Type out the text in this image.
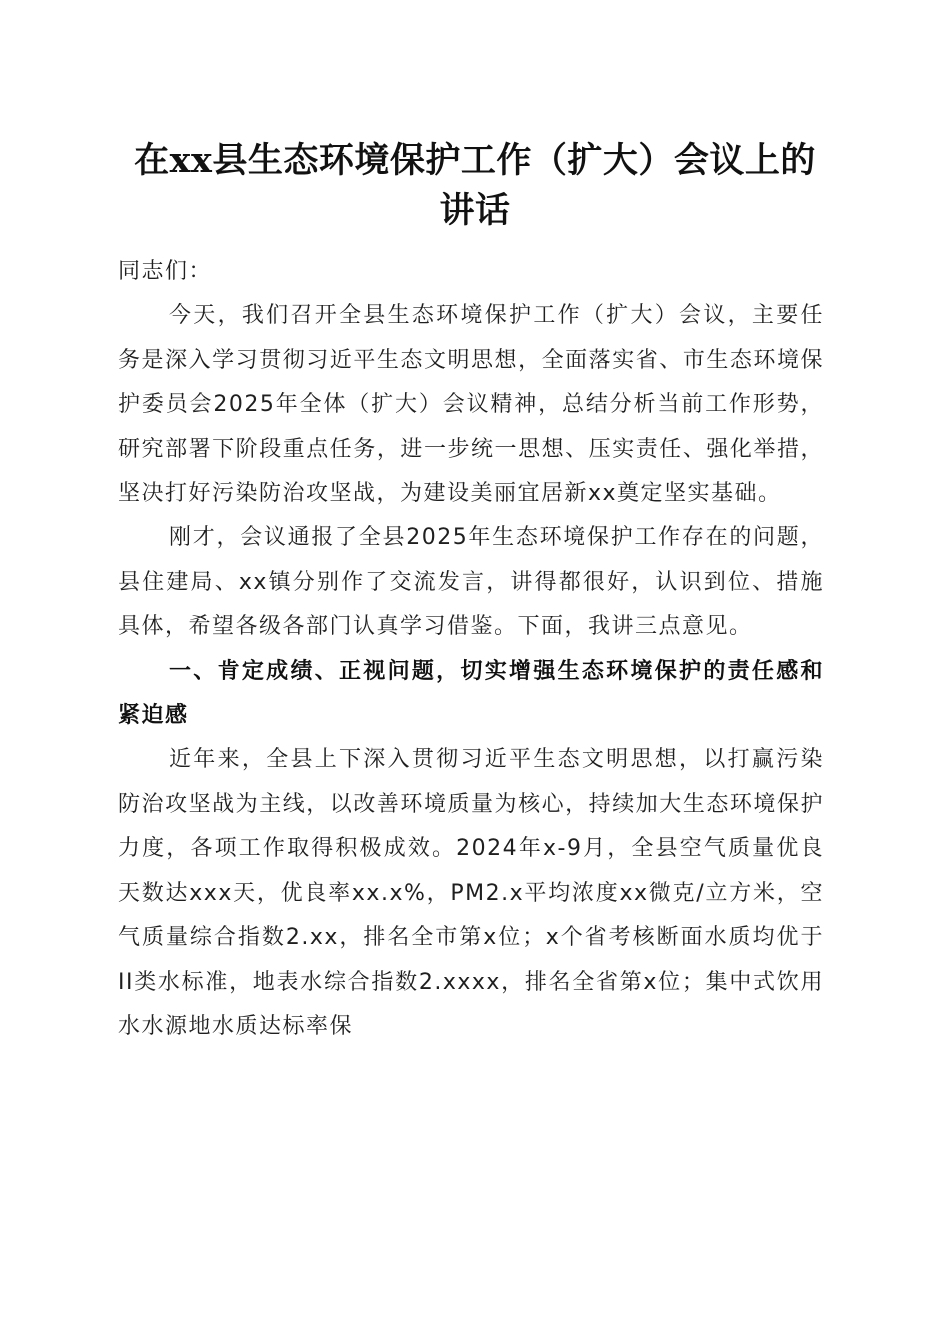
在xx县生态环境保护工作（扩大）会议上的
讲话

同志们：

今天，我们召开全县生态环境保护工作（扩大）会议，主要任务是深入学习贯彻习近平生态文明思想，全面落实省、市生态环境保护委员会2025年全体（扩大）会议精神，总结分析当前工作形势，研究部署下阶段重点任务，进一步统一思想、压实责任、强化举措，坚决打好污染防治攻坚战，为建设美丽宜居新xx奠定坚实基础。

刚才，会议通报了全县2025年生态环境保护工作存在的问题，县住建局、xx镇分别作了交流发言，讲得都很好，认识到位、措施具体，希望各级各部门认真学习借鉴。下面，我讲三点意见。

一、肯定成绩、正视问题，切实增强生态环境保护的责任感和紧迫感

近年来，全县上下深入贯彻习近平生态文明思想，以打赢污染防治攻坚战为主线，以改善环境质量为核心，持续加大生态环境保护力度，各项工作取得积极成效。2024年x-9月，全县空气质量优良天数达xxx天，优良率xx.x%，PM2.x平均浓度xx微克/立方米，空气质量综合指数2.xx，排名全市第x位；x个省考核断面水质均优于II类水标准，地表水综合指数2.xxxx，排名全省第x位；集中式饮用水水源地水质达标率保
